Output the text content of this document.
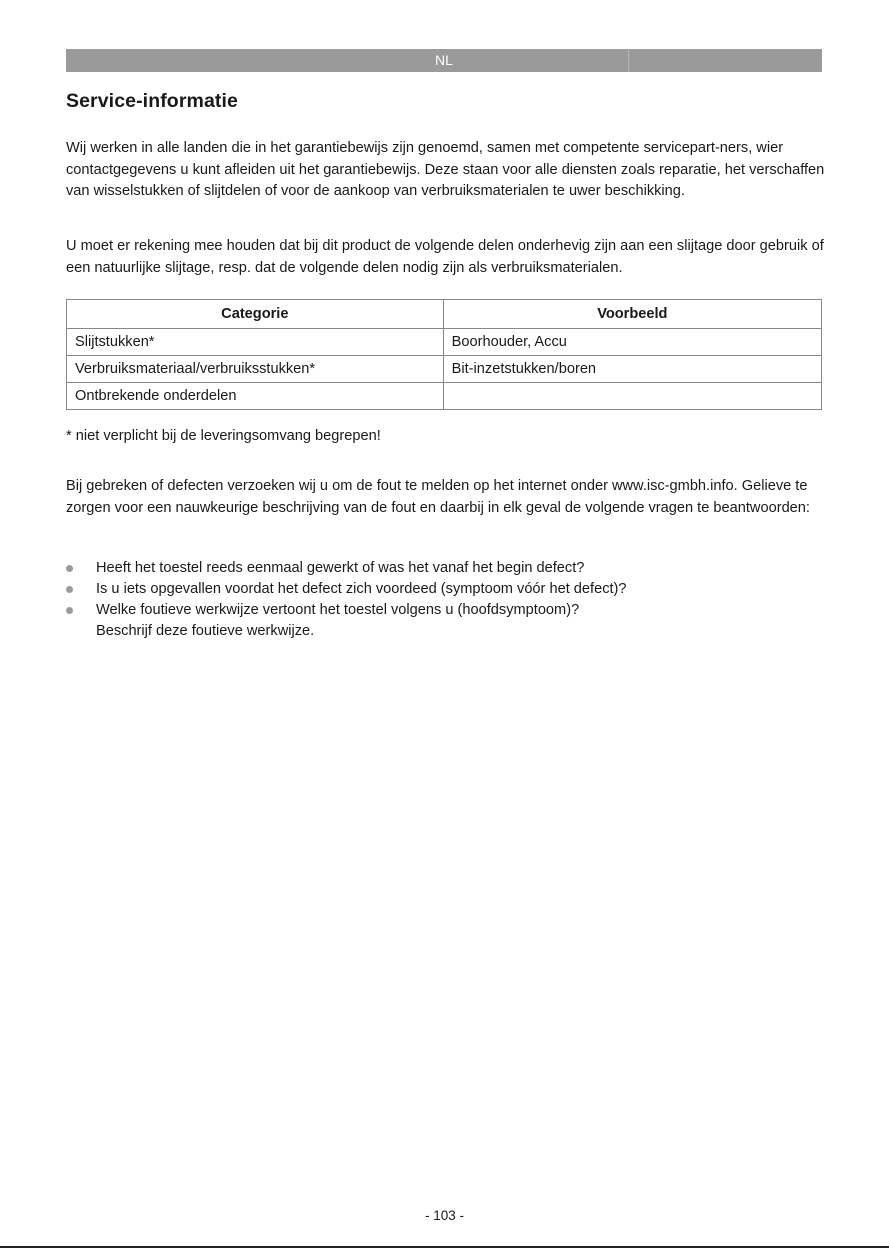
NL
Service-informatie

Wij werken in alle landen die in het garantiebewijs zijn genoemd, samen met competente servicepart-ners, wier contactgegevens u kunt afleiden uit het garantiebewijs. Deze staan voor alle diensten zoals reparatie, het verschaffen van wisselstukken of slijtdelen of voor de aankoop van verbruiksmaterialen te uwer beschikking.

U moet er rekening mee houden dat bij dit product de volgende delen onderhevig zijn aan een slijtage door gebruik of een natuurlijke slijtage, resp. dat de volgende delen nodig zijn als verbruiksmaterialen.

Categorie	Voorbeeld
Slijtstukken*	Boorhouder, Accu
Verbruiksmateriaal/verbruiksstukken*	Bit-inzetstukken/boren
Ontbrekende onderdelen	

* niet verplicht bij de leveringsomvang begrepen!

Bij gebreken of defecten verzoeken wij u om de fout te melden op het internet onder www.isc-gmbh.info. Gelieve te zorgen voor een nauwkeurige beschrijving van de fout en daarbij in elk geval de volgende vragen te beantwoorden:

Heeft het toestel reeds eenmaal gewerkt of was het vanaf het begin defect?
Is u iets opgevallen voordat het defect zich voordeed (symptoom vóór het defect)?
Welke foutieve werkwijze vertoont het toestel volgens u (hoofdsymptoom)?
Beschrijf deze foutieve werkwijze.
- 103 -
